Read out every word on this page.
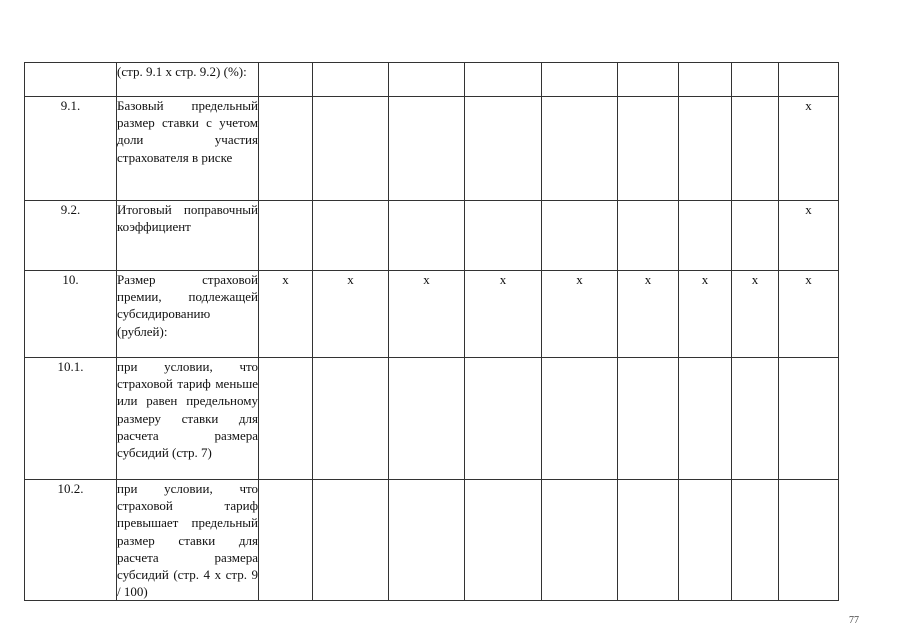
	(стр. 9.1 х стр. 9.2) (%):									
9.1.	Базовый предельный размер ставки с учетом доли участия страхователя в риске									х
9.2.	Итоговый поправочный коэффициент									х
10.	Размер страховой премии, подлежащей субсидированию (рублей):	х	х	х	х	х	х	х	х	х
10.1.	при условии, что страховой тариф меньше или равен предельному размеру ставки для расчета размера субсидий (стр. 7)									
10.2.	при условии, что страховой тариф превышает предельный размер ставки для расчета размера субсидий (стр. 4 х стр. 9 / 100)									
77
